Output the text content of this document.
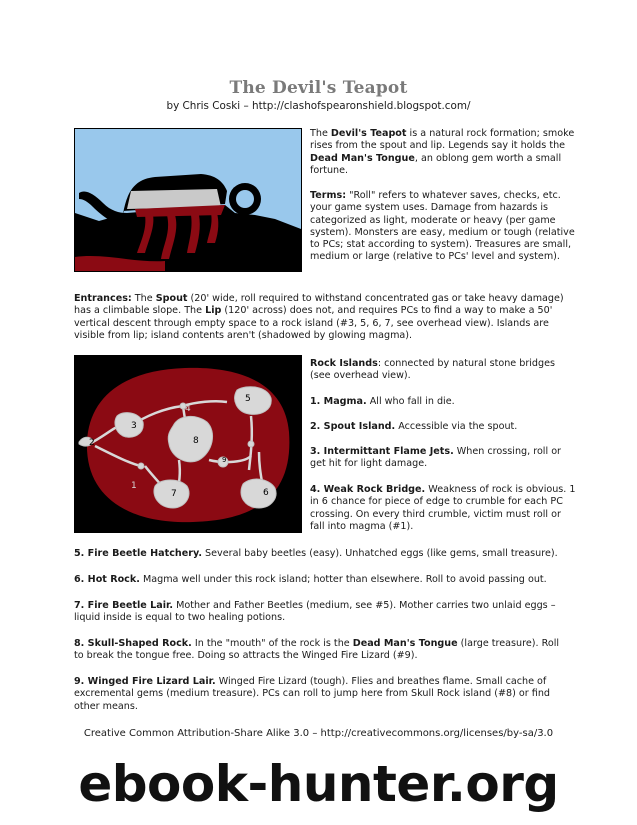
The Devil's Teapot

by Chris Coski – http://clashofspearonshield.blogspot.com/

The Devil's Teapot is a natural rock formation; smoke rises from the spout and lip. Legends say it holds the Dead Man's Tongue, an oblong gem worth a small fortune.

Terms: "Roll" refers to whatever saves, checks, etc. your game system uses. Damage from hazards is categorized as light, moderate or heavy (per game system). Monsters are easy, medium or tough (relative to PCs; stat according to system). Treasures are small, medium or large (relative to PCs' level and system).

Entrances: The Spout (20' wide, roll required to withstand concentrated gas or take heavy damage) has a climbable slope. The Lip (120' across) does not, and requires PCs to find a way to make a 50' vertical descent through empty space to a rock island (#3, 5, 6, 7, see overhead view). Islands are visible from lip; island contents aren't (shadowed by glowing magma).

1
2
3
4
5
6
7
8
9

Rock Islands: connected by natural stone bridges (see overhead view).

1. Magma. All who fall in die.

2. Spout Island. Accessible via the spout.

3. Intermittant Flame Jets. When crossing, roll or get hit for light damage.

4. Weak Rock Bridge. Weakness of rock is obvious. 1 in 6 chance for piece of edge to crumble for each PC crossing. On every third crumble, victim must roll or fall into magma (#1).

5. Fire Beetle Hatchery. Several baby beetles (easy). Unhatched eggs (like gems, small treasure).

6. Hot Rock. Magma well under this rock island; hotter than elsewhere. Roll to avoid passing out.

7. Fire Beetle Lair. Mother and Father Beetles (medium, see #5). Mother carries two unlaid eggs – liquid inside is equal to two healing potions.

8. Skull-Shaped Rock. In the "mouth" of the rock is the Dead Man's Tongue (large treasure). Roll to break the tongue free. Doing so attracts the Winged Fire Lizard (#9).

9. Winged Fire Lizard Lair. Winged Fire Lizard (tough). Flies and breathes flame. Small cache of excremental gems (medium treasure). PCs can roll to jump here from Skull Rock island (#8) or find other means.

Creative Common Attribution-Share Alike 3.0 – http://creativecommons.org/licenses/by-sa/3.0

ebook-hunter.org
